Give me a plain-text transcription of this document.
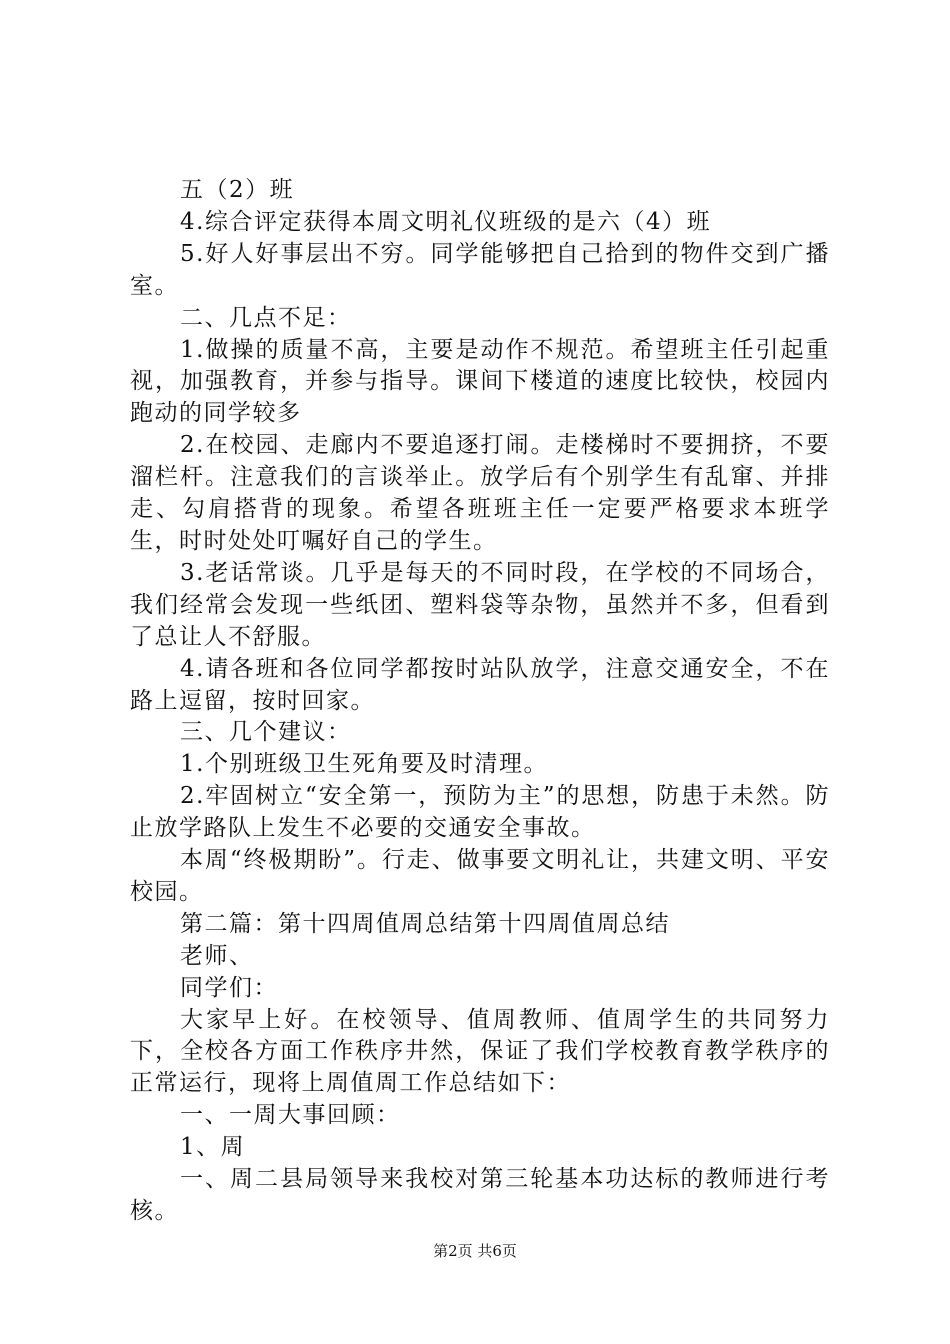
五（2）班

4.综合评定获得本周文明礼仪班级的是六（4）班

5.好人好事层出不穷。同学能够把自己拾到的物件交到广播室。

二、几点不足：

1.做操的质量不高，主要是动作不规范。希望班主任引起重视，加强教育，并参与指导。课间下楼道的速度比较快，校园内跑动的同学较多

2.在校园、走廊内不要追逐打闹。走楼梯时不要拥挤，不要溜栏杆。注意我们的言谈举止。放学后有个别学生有乱窜、并排走、勾肩搭背的现象。希望各班班主任一定要严格要求本班学生，时时处处叮嘱好自己的学生。

3.老话常谈。几乎是每天的不同时段，在学校的不同场合，我们经常会发现一些纸团、塑料袋等杂物，虽然并不多，但看到了总让人不舒服。

4.请各班和各位同学都按时站队放学，注意交通安全，不在路上逗留，按时回家。

三、几个建议：

1.个别班级卫生死角要及时清理。

2.牢固树立“安全第一，预防为主”的思想，防患于未然。防止放学路队上发生不必要的交通安全事故。

本周“终极期盼”。行走、做事要文明礼让，共建文明、平安校园。

第二篇：第十四周值周总结第十四周值周总结

老师、

同学们：

大家早上好。在校领导、值周教师、值周学生的共同努力下，全校各方面工作秩序井然，保证了我们学校教育教学秩序的正常运行，现将上周值周工作总结如下：

一、一周大事回顾：

1、周

一、周二县局领导来我校对第三轮基本功达标的教师进行考核。

第2页 共6页
